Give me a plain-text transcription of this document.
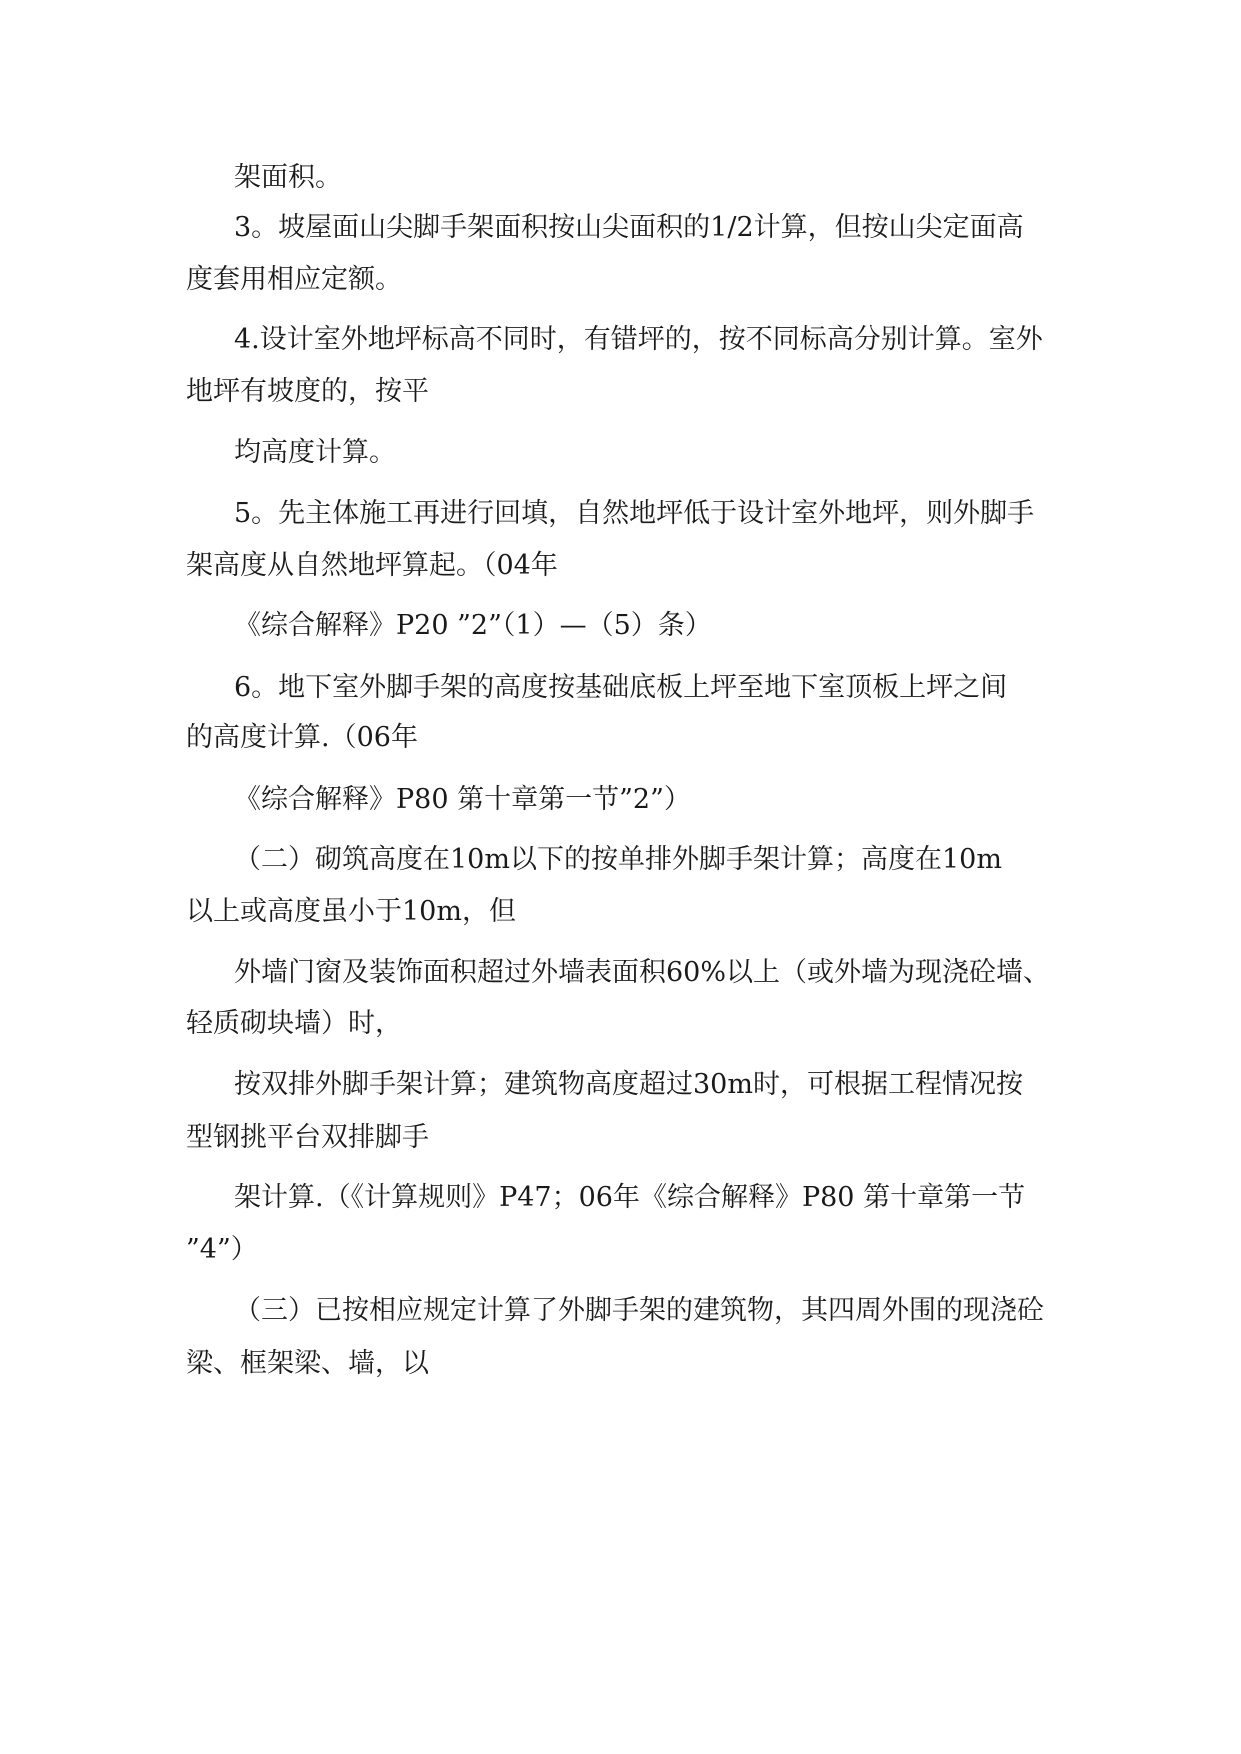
架面积。
3。坡屋面山尖脚手架面积按山尖面积的1/2计算，但按山尖定面高
度套用相应定额。
4.设计室外地坪标高不同时，有错坪的，按不同标高分别计算。室外
地坪有坡度的，按平
均高度计算。
5。先主体施工再进行回填，自然地坪低于设计室外地坪，则外脚手
架高度从自然地坪算起。（04年
《综合解释》P20 ”2”（1）—（5）条）
6。地下室外脚手架的高度按基础底板上坪至地下室顶板上坪之间
的高度计算.（06年
《综合解释》P80 第十章第一节”2”）
（二）砌筑高度在10m以下的按单排外脚手架计算；高度在10m
以上或高度虽小于10m，但
外墙门窗及装饰面积超过外墙表面积60%以上（或外墙为现浇砼墙、
轻质砌块墙）时，
按双排外脚手架计算；建筑物高度超过30m时，可根据工程情况按
型钢挑平台双排脚手
架计算.（《计算规则》P47；06年《综合解释》P80 第十章第一节
”4”）
（三）已按相应规定计算了外脚手架的建筑物，其四周外围的现浇砼
梁、框架梁、墙，以
